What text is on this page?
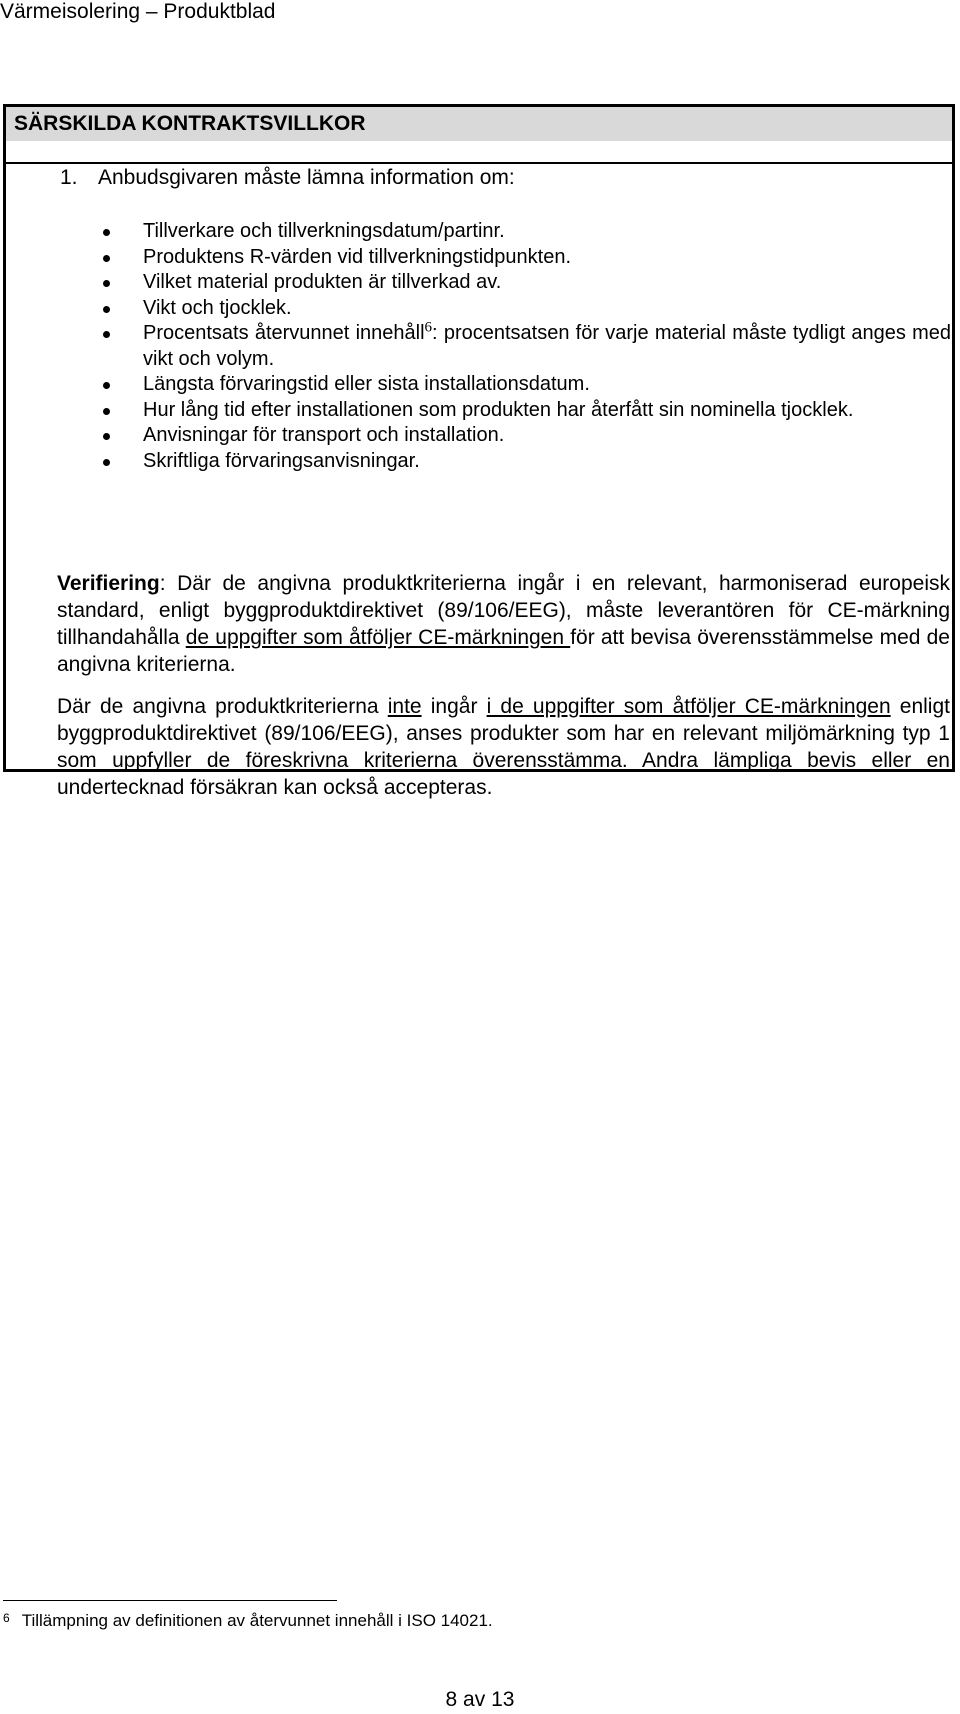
Värmeisolering – Produktblad
SÄRSKILDA KONTRAKTSVILLKOR
1. Anbudsgivaren måste lämna information om:
Tillverkare och tillverkningsdatum/partinr.
Produktens R-värden vid tillverkningstidpunkten.
Vilket material produkten är tillverkad av.
Vikt och tjocklek.
Procentsats återvunnet innehåll$^6$: procentsatsen för varje material måste tydligt anges med vikt och volym.
Längsta förvaringstid eller sista installationsdatum.
Hur lång tid efter installationen som produkten har återfått sin nominella tjocklek.
Anvisningar för transport och installation.
Skriftliga förvaringsanvisningar.

Verifiering: Där de angivna produktkriterierna ingår i en relevant, harmoniserad europeisk standard, enligt byggproduktdirektivet (89/106/EEG), måste leverantören för CE-märkning tillhandahålla de uppgifter som åtföljer CE-märkningen för att bevisa överensstämmelse med de angivna kriterierna.

Där de angivna produktkriterierna inte ingår i de uppgifter som åtföljer CE-märkningen enligt byggproduktdirektivet (89/106/EEG), anses produkter som har en relevant miljömärkning typ 1 som uppfyller de föreskrivna kriterierna överensstämma. Andra lämpliga bevis eller en undertecknad försäkran kan också accepteras.

$^6$ Tillämpning av definitionen av återvunnet innehåll i ISO 14021.
8 av 13
